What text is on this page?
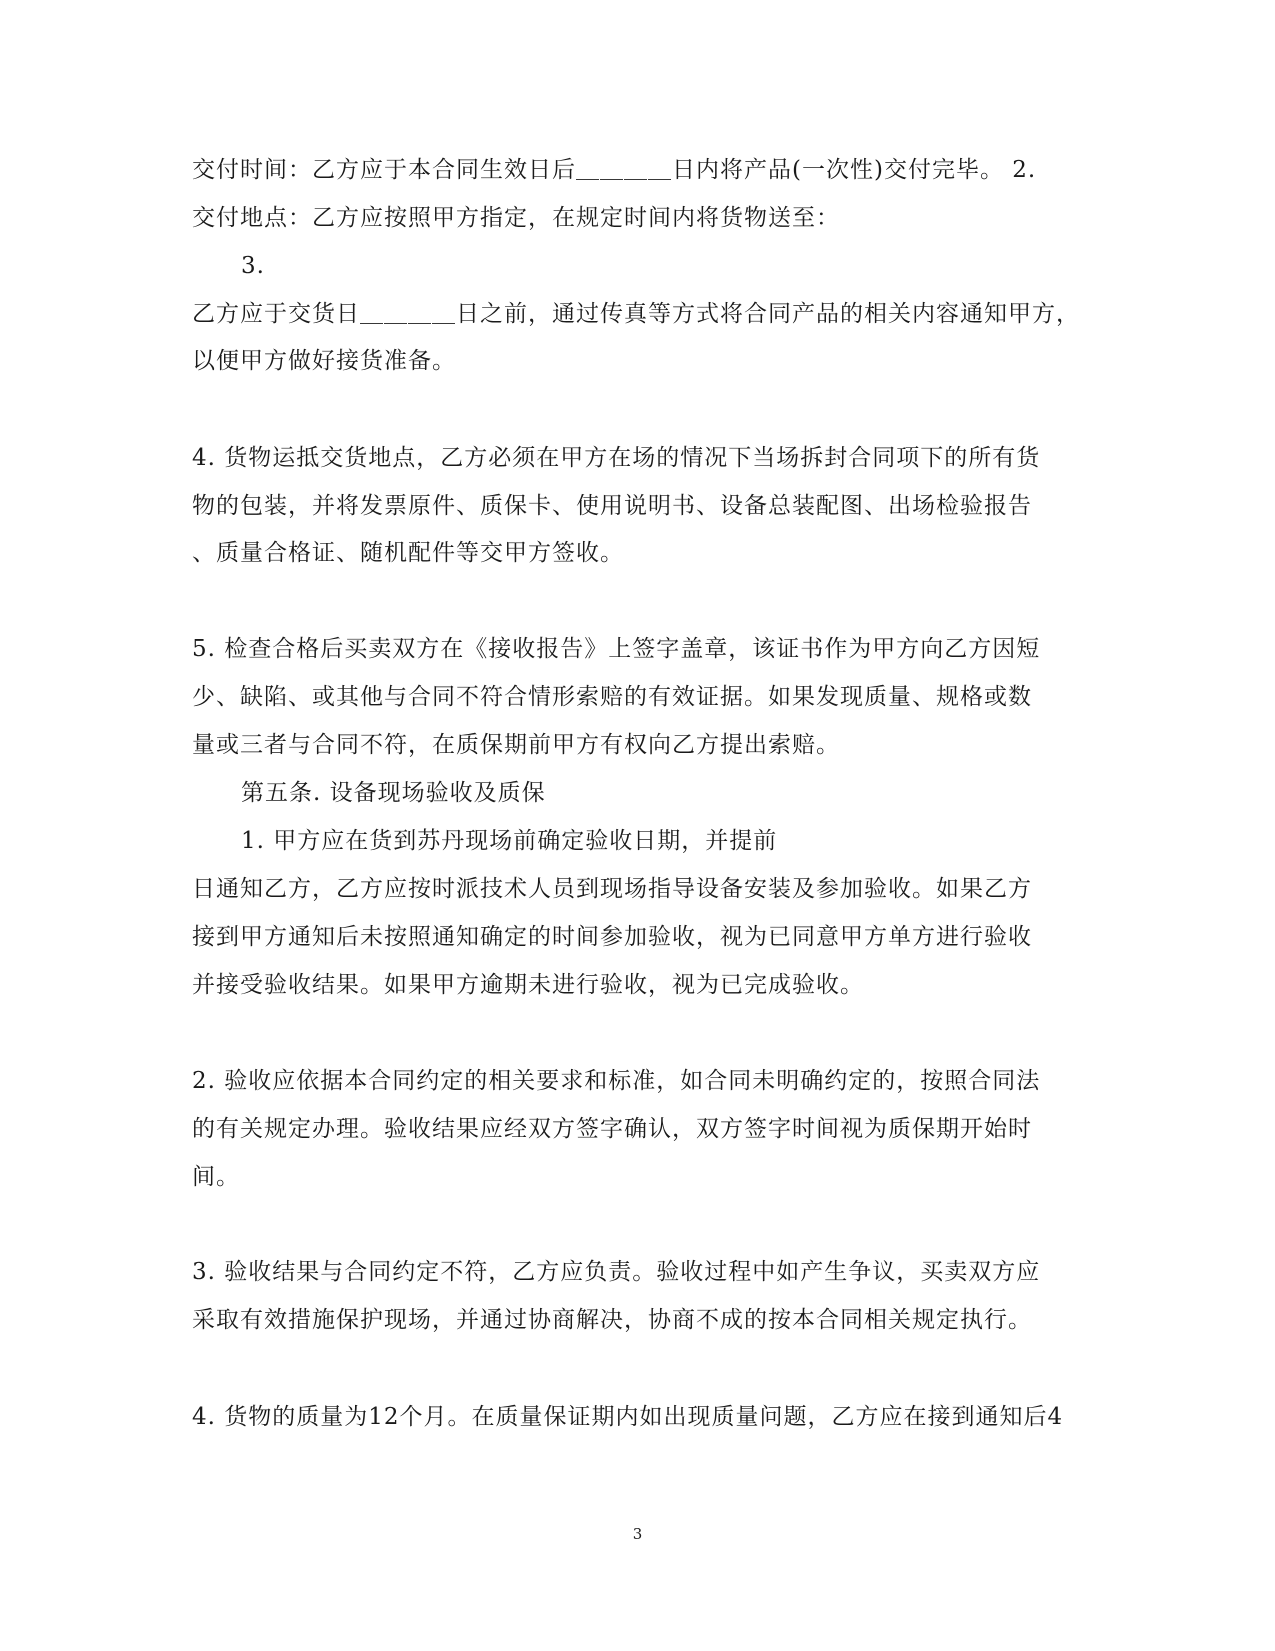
交付时间：乙方应于本合同生效日后＿＿＿＿日内将产品(一次性)交付完毕。 2.
交付地点：乙方应按照甲方指定，在规定时间内将货物送至：
3.
乙方应于交货日＿＿＿＿日之前，通过传真等方式将合同产品的相关内容通知甲方，
以便甲方做好接货准备。
4. 货物运抵交货地点，乙方必须在甲方在场的情况下当场拆封合同项下的所有货
物的包装，并将发票原件、质保卡、使用说明书、设备总装配图、出场检验报告
、质量合格证、随机配件等交甲方签收。
5. 检查合格后买卖双方在《接收报告》上签字盖章，该证书作为甲方向乙方因短
少、缺陷、或其他与合同不符合情形索赔的有效证据。如果发现质量、规格或数
量或三者与合同不符，在质保期前甲方有权向乙方提出索赔。
第五条. 设备现场验收及质保
1. 甲方应在货到苏丹现场前确定验收日期，并提前
日通知乙方，乙方应按时派技术人员到现场指导设备安装及参加验收。如果乙方
接到甲方通知后未按照通知确定的时间参加验收，视为已同意甲方单方进行验收
并接受验收结果。如果甲方逾期未进行验收，视为已完成验收。
2. 验收应依据本合同约定的相关要求和标准，如合同未明确约定的，按照合同法
的有关规定办理。验收结果应经双方签字确认，双方签字时间视为质保期开始时
间。
3. 验收结果与合同约定不符，乙方应负责。验收过程中如产生争议，买卖双方应
采取有效措施保护现场，并通过协商解决，协商不成的按本合同相关规定执行。
4. 货物的质量为12个月。在质量保证期内如出现质量问题，乙方应在接到通知后4
3
